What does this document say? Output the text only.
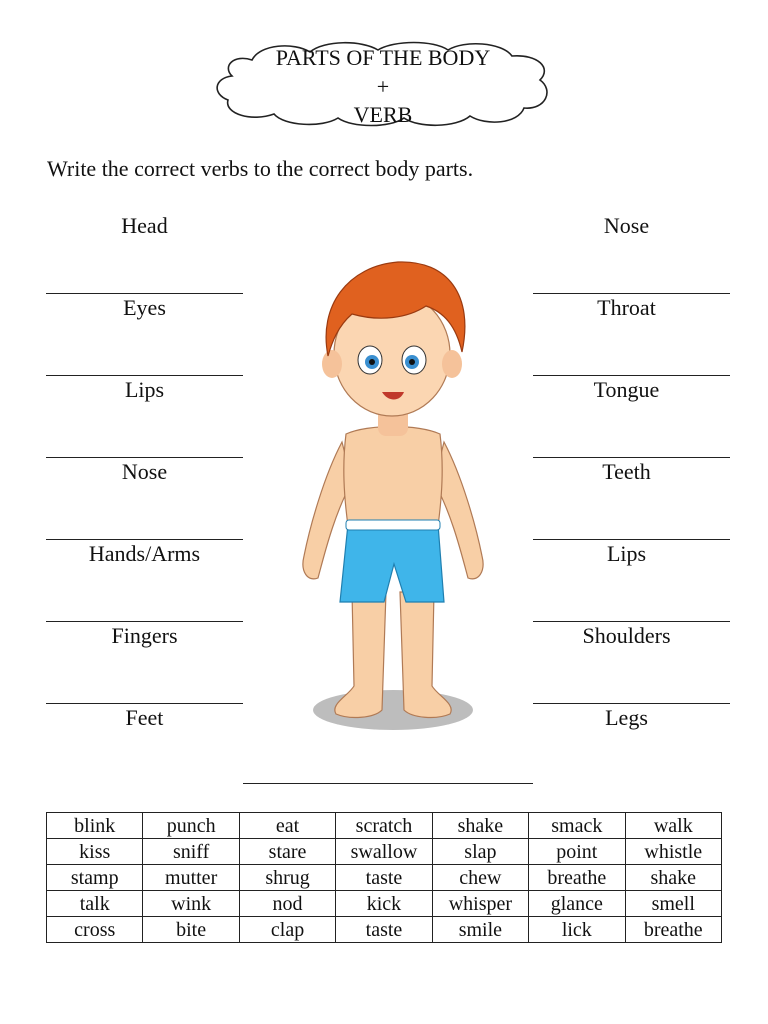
PARTS OF THE BODY
+
VERB
Write the correct verbs to the correct body parts.
Head
Eyes
Lips
Nose
Hands/Arms
Fingers
Feet
Nose
Throat
Tongue
Teeth
Lips
Shoulders
Legs
blink	punch	eat	scratch	shake	smack	walk
kiss	sniff	stare	swallow	slap	point	whistle
stamp	mutter	shrug	taste	chew	breathe	shake
talk	wink	nod	kick	whisper	glance	smell
cross	bite	clap	taste	smile	lick	breathe
